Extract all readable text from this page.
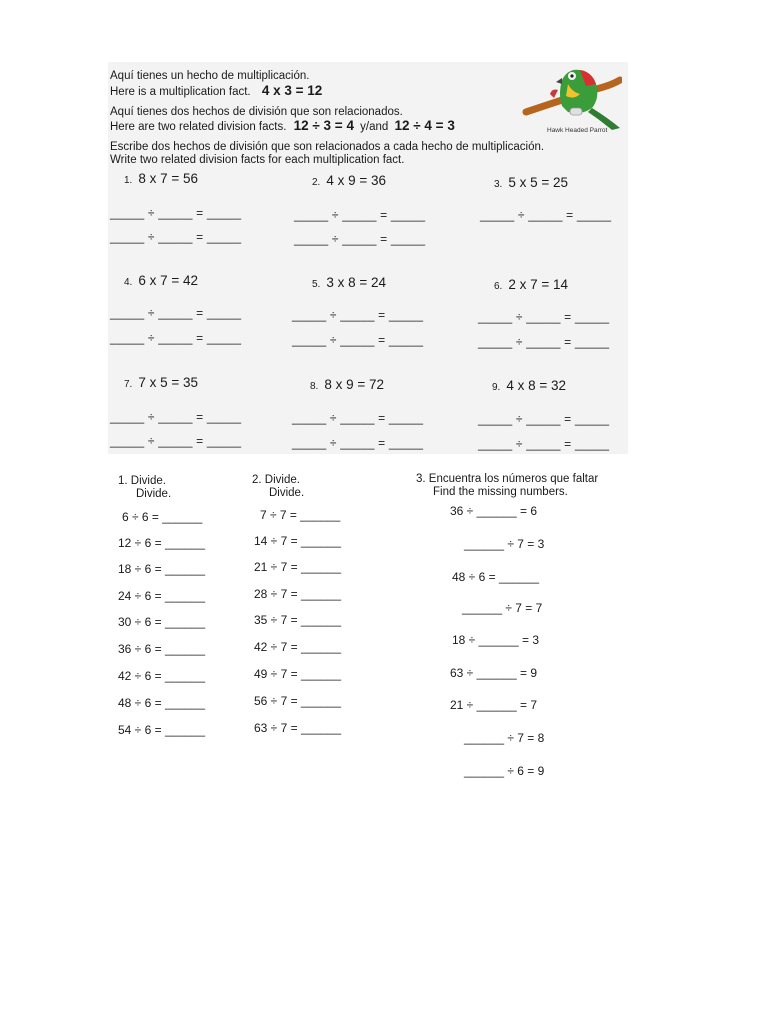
Aquí tienes un hecho de multiplicación.
Here is a multiplication fact. 4 x 3 = 12
Aquí tienes dos hechos de división que son relacionados.
Here are two related division facts. 12 ÷ 3 = 4 y/and 12 ÷ 4 = 3
Escribe dos hechos de división que son relacionados a cada hecho de multiplicación.
Write two related division facts for each multiplication fact.
Hawk Headed Parrot
1. 8 x 7 = 56	2. 4 x 9 = 36	3. 5 x 5 = 25
_____ ÷ _____ = _____
_____ ÷ _____ = _____
_____ ÷ _____ = _____
_____ ÷ _____ = _____
_____ ÷ _____ = _____
4. 6 x 7 = 42	5. 3 x 8 = 24	6. 2 x 7 = 14
_____ ÷ _____ = _____
_____ ÷ _____ = _____
_____ ÷ _____ = _____
_____ ÷ _____ = _____
_____ ÷ _____ = _____
_____ ÷ _____ = _____
7. 7 x 5 = 35	8. 8 x 9 = 72	9. 4 x 8 = 32
_____ ÷ _____ = _____
_____ ÷ _____ = _____
_____ ÷ _____ = _____
_____ ÷ _____ = _____
_____ ÷ _____ = _____
_____ ÷ _____ = _____
1. Divide.
Divide.
6 ÷ 6 = ______
12 ÷ 6 = ______
18 ÷ 6 = ______
24 ÷ 6 = ______
30 ÷ 6 = ______
36 ÷ 6 = ______
42 ÷ 6 = ______
48 ÷ 6 = ______
54 ÷ 6 = ______
2. Divide.
Divide.
7 ÷ 7 = ______
14 ÷ 7 = ______
21 ÷ 7 = ______
28 ÷ 7 = ______
35 ÷ 7 = ______
42 ÷ 7 = ______
49 ÷ 7 = ______
56 ÷ 7 = ______
63 ÷ 7 = ______
3. Encuentra los números que faltar
Find the missing numbers.
36 ÷ ______ = 6
______ ÷ 7 = 3
48 ÷ 6 = ______
______ ÷ 7 = 7
18 ÷ ______ = 3
63 ÷ ______ = 9
21 ÷ ______ = 7
______ ÷ 7 = 8
______ ÷ 6 = 9
